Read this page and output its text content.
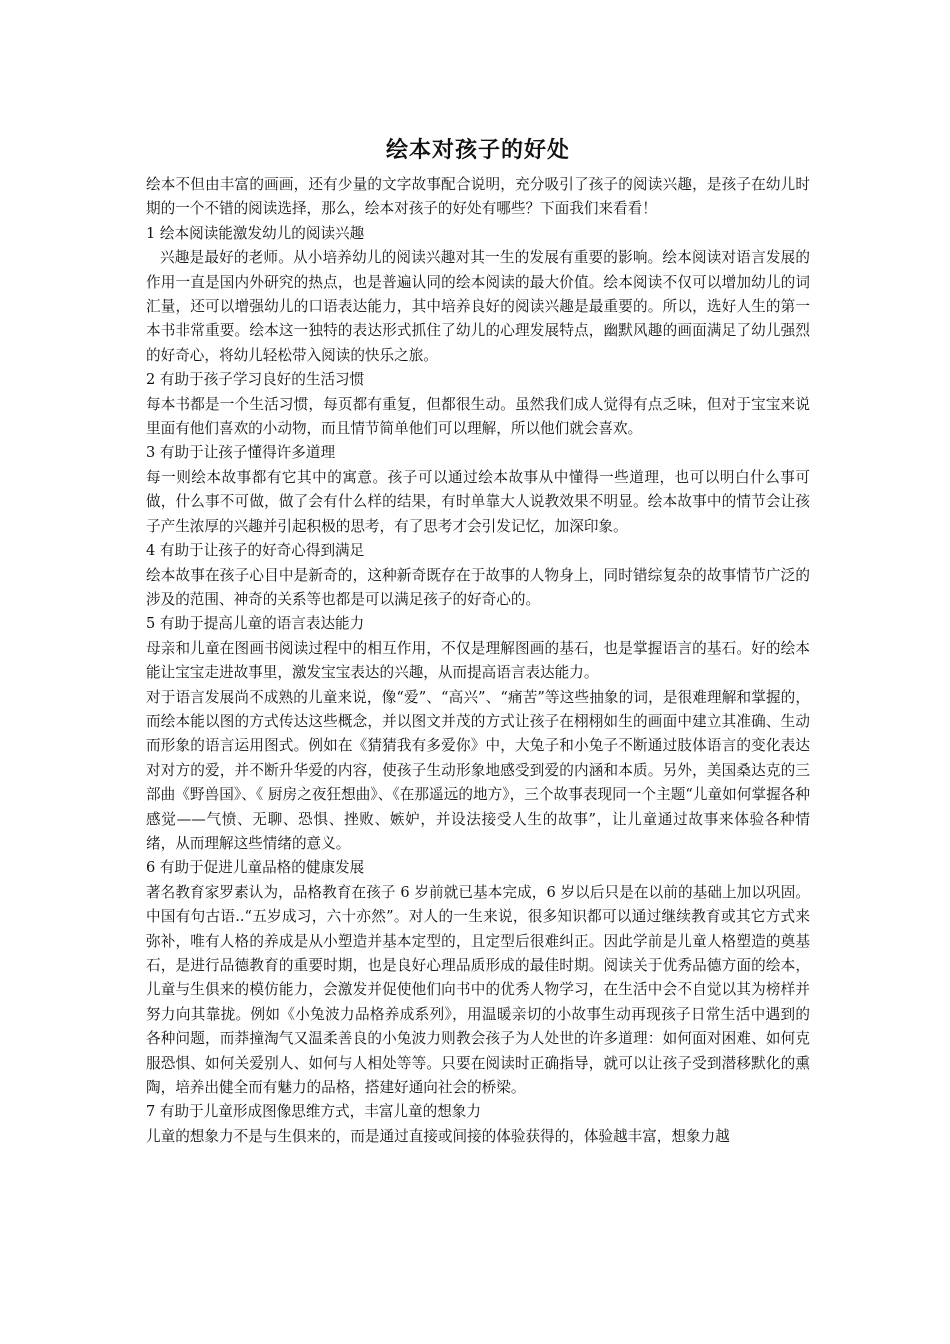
绘本对孩子的好处

绘本不但由丰富的画画，还有少量的文字故事配合说明，充分吸引了孩子的阅读兴趣，是孩子在幼儿时期的一个不错的阅读选择，那么，绘本对孩子的好处有哪些？下面我们来看看！

1 绘本阅读能激发幼儿的阅读兴趣

兴趣是最好的老师。从小培养幼儿的阅读兴趣对其一生的发展有重要的影响。绘本阅读对语言发展的作用一直是国内外研究的热点，也是普遍认同的绘本阅读的最大价值。绘本阅读不仅可以增加幼儿的词汇量，还可以增强幼儿的口语表达能力，其中培养良好的阅读兴趣是最重要的。所以，选好人生的第一本书非常重要。绘本这一独特的表达形式抓住了幼儿的心理发展特点，幽默风趣的画面满足了幼儿强烈的好奇心，将幼儿轻松带入阅读的快乐之旅。

2 有助于孩子学习良好的生活习惯

每本书都是一个生活习惯，每页都有重复，但都很生动。虽然我们成人觉得有点乏味，但对于宝宝来说里面有他们喜欢的小动物，而且情节简单他们可以理解，所以他们就会喜欢。

3 有助于让孩子懂得许多道理

每一则绘本故事都有它其中的寓意。孩子可以通过绘本故事从中懂得一些道理，也可以明白什么事可做，什么事不可做，做了会有什么样的结果，有时单靠大人说教效果不明显。绘本故事中的情节会让孩子产生浓厚的兴趣并引起积极的思考，有了思考才会引发记忆，加深印象。

4 有助于让孩子的好奇心得到满足

绘本故事在孩子心目中是新奇的，这种新奇既存在于故事的人物身上，同时错综复杂的故事情节广泛的涉及的范围、神奇的关系等也都是可以满足孩子的好奇心的。

5 有助于提高儿童的语言表达能力

母亲和儿童在图画书阅读过程中的相互作用，不仅是理解图画的基石，也是掌握语言的基石。好的绘本能让宝宝走进故事里，激发宝宝表达的兴趣，从而提高语言表达能力。

对于语言发展尚不成熟的儿童来说，像“爱”、“高兴”、“痛苦”等这些抽象的词，是很难理解和掌握的，而绘本能以图的方式传达这些概念，并以图文并茂的方式让孩子在栩栩如生的画面中建立其准确、生动而形象的语言运用图式。例如在《猜猜我有多爱你》中，大兔子和小兔子不断通过肢体语言的变化表达对对方的爱，并不断升华爱的内容，使孩子生动形象地感受到爱的内涵和本质。另外，美国桑达克的三部曲《野兽国》、《 厨房之夜狂想曲》、《在那遥远的地方》，三个故事表现同一个主题“儿童如何掌握各种感觉——气愤、无聊、恐惧、挫败、嫉妒，并设法接受人生的故事”，让儿童通过故事来体验各种情绪，从而理解这些情绪的意义。

6 有助于促进儿童品格的健康发展

著名教育家罗素认为，品格教育在孩子 6 岁前就已基本完成，6 岁以后只是在以前的基础上加以巩固。中国有句古语..“五岁成习，六十亦然”。对人的一生来说，很多知识都可以通过继续教育或其它方式来弥补，唯有人格的养成是从小塑造并基本定型的，且定型后很难纠正。因此学前是儿童人格塑造的奠基石，是进行品德教育的重要时期，也是良好心理品质形成的最佳时期。阅读关于优秀品德方面的绘本，儿童与生俱来的模仿能力，会激发并促使他们向书中的优秀人物学习，在生活中会不自觉以其为榜样并努力向其靠拢。例如《小兔波力品格养成系列》，用温暖亲切的小故事生动再现孩子日常生活中遇到的各种问题，而莽撞淘气又温柔善良的小兔波力则教会孩子为人处世的许多道理：如何面对困难、如何克服恐惧、如何关爱别人、如何与人相处等等。只要在阅读时正确指导，就可以让孩子受到潜移默化的熏陶，培养出健全而有魅力的品格，搭建好通向社会的桥梁。

7 有助于儿童形成图像思维方式，丰富儿童的想象力

儿童的想象力不是与生俱来的，而是通过直接或间接的体验获得的，体验越丰富，想象力越
